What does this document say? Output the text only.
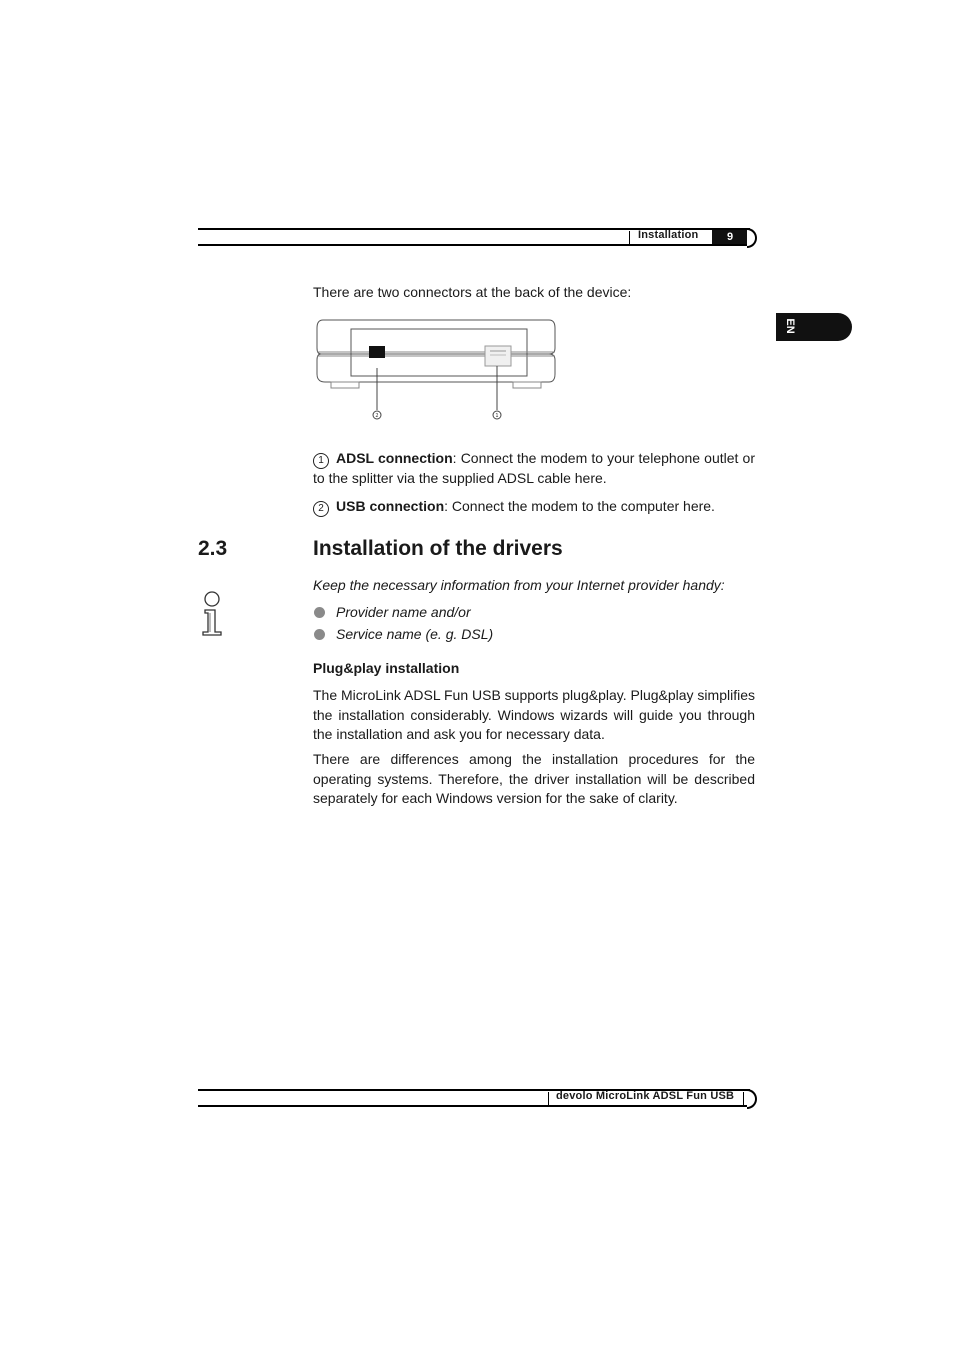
Installation	9
EN
There are two connectors at the back of the device:
2	1
1 ADSL connection: Connect the modem to your telephone outlet or to the splitter via the supplied ADSL cable here.
2 USB connection: Connect the modem to the computer here.
2.3	Installation of the drivers
Keep the necessary information from your Internet provider handy:
Provider name and/or
Service name (e. g. DSL)
Plug&play installation

The MicroLink ADSL Fun USB supports plug&play. Plug&play simplifies the installation considerably. Windows wizards will guide you through the installation and ask you for necessary data.

There are differences among the installation procedures for the operating systems. Therefore, the driver installation will be described separately for each Windows version for the sake of clarity.

devolo MicroLink ADSL Fun USB
